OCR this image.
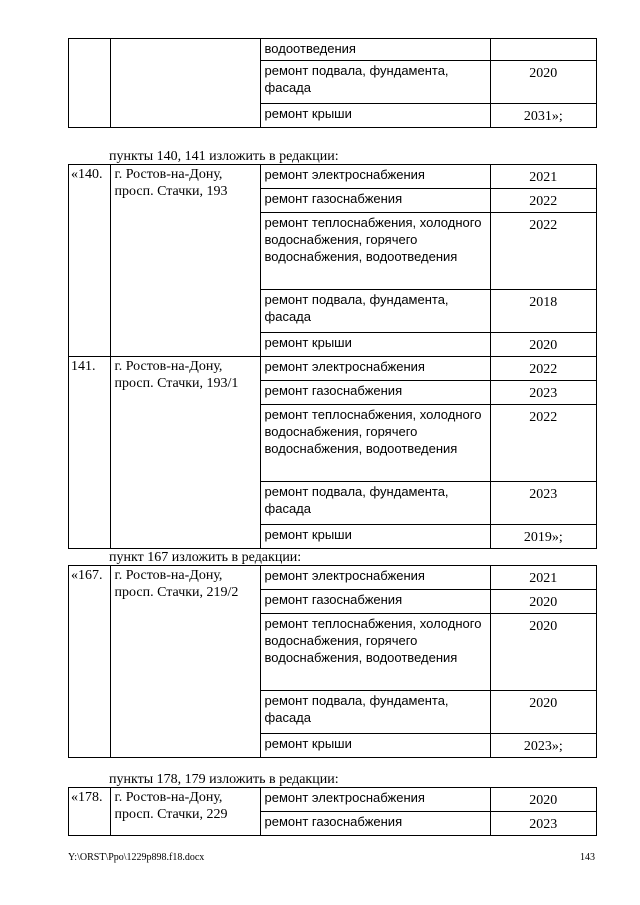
		водоотведения	
		ремонт подвала, фундамента, фасада	2020
		ремонт крыши	2031»;
пункты 140, 141 изложить в редакции:
«140.	г. Ростов-на-Дону, просп. Стачки, 193	ремонт электроснабжения	2021
		ремонт газоснабжения	2022
		ремонт теплоснабжения, холодного водоснабжения, горячего водоснабжения, водоотведения	2022
		ремонт подвала, фундамента, фасада	2018
		ремонт крыши	2020
141.	г. Ростов-на-Дону, просп. Стачки, 193/1	ремонт электроснабжения	2022
		ремонт газоснабжения	2023
		ремонт теплоснабжения, холодного водоснабжения, горячего водоснабжения, водоотведения	2022
		ремонт подвала, фундамента, фасада	2023
		ремонт крыши	2019»;
пункт 167 изложить в редакции:
«167.	г. Ростов-на-Дону, просп. Стачки, 219/2	ремонт электроснабжения	2021
		ремонт газоснабжения	2020
		ремонт теплоснабжения, холодного водоснабжения, горячего водоснабжения, водоотведения	2020
		ремонт подвала, фундамента, фасада	2020
		ремонт крыши	2023»;
пункты 178, 179 изложить в редакции:
«178.	г. Ростов-на-Дону, просп. Стачки, 229	ремонт электроснабжения	2020
		ремонт газоснабжения	2023
Y:\ORST\Ppo\1229p898.f18.docx	143
